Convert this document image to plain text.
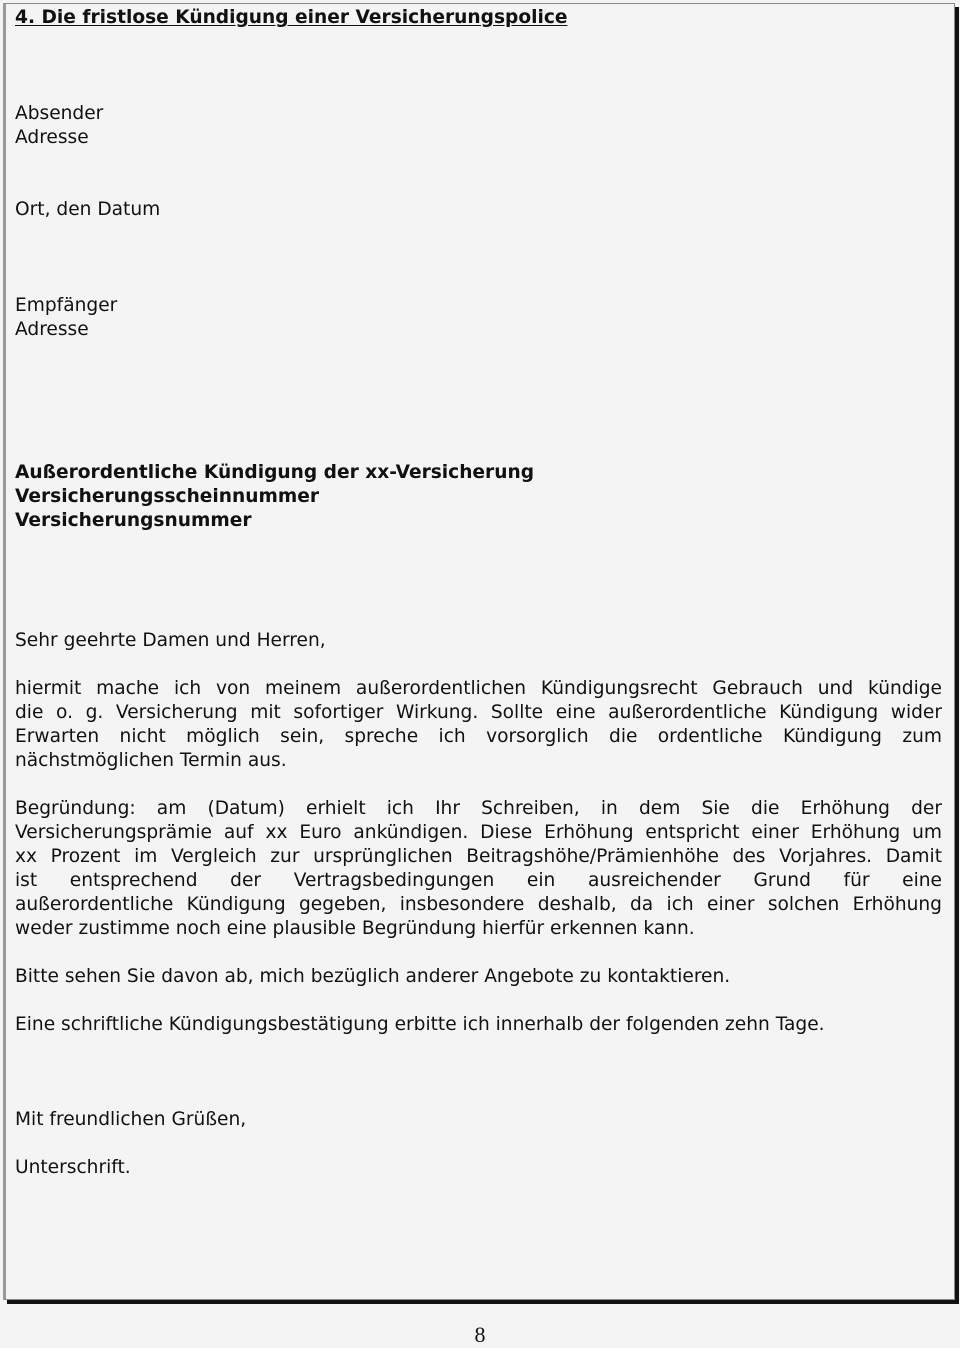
4. Die fristlose Kündigung einer Versicherungspolice
Absender
Adresse
Ort, den Datum
Empfänger
Adresse
Außerordentliche Kündigung der xx-Versicherung
Versicherungsscheinnummer
Versicherungsnummer
Sehr geehrte Damen und Herren,
hiermit mache ich von meinem außerordentlichen Kündigungsrecht Gebrauch und kündige
die o. g. Versicherung mit sofortiger Wirkung. Sollte eine außerordentliche Kündigung wider
Erwarten nicht möglich sein, spreche ich vorsorglich die ordentliche Kündigung zum
nächstmöglichen Termin aus.
Begründung: am (Datum) erhielt ich Ihr Schreiben, in dem Sie die Erhöhung der
Versicherungsprämie auf xx Euro ankündigen. Diese Erhöhung entspricht einer Erhöhung um
xx Prozent im Vergleich zur ursprünglichen Beitragshöhe/Prämienhöhe des Vorjahres. Damit
ist entsprechend der Vertragsbedingungen ein ausreichender Grund für eine
außerordentliche Kündigung gegeben, insbesondere deshalb, da ich einer solchen Erhöhung
weder zustimme noch eine plausible Begründung hierfür erkennen kann.
Bitte sehen Sie davon ab, mich bezüglich anderer Angebote zu kontaktieren.
Eine schriftliche Kündigungsbestätigung erbitte ich innerhalb der folgenden zehn Tage.
Mit freundlichen Grüßen,
Unterschrift.
8
